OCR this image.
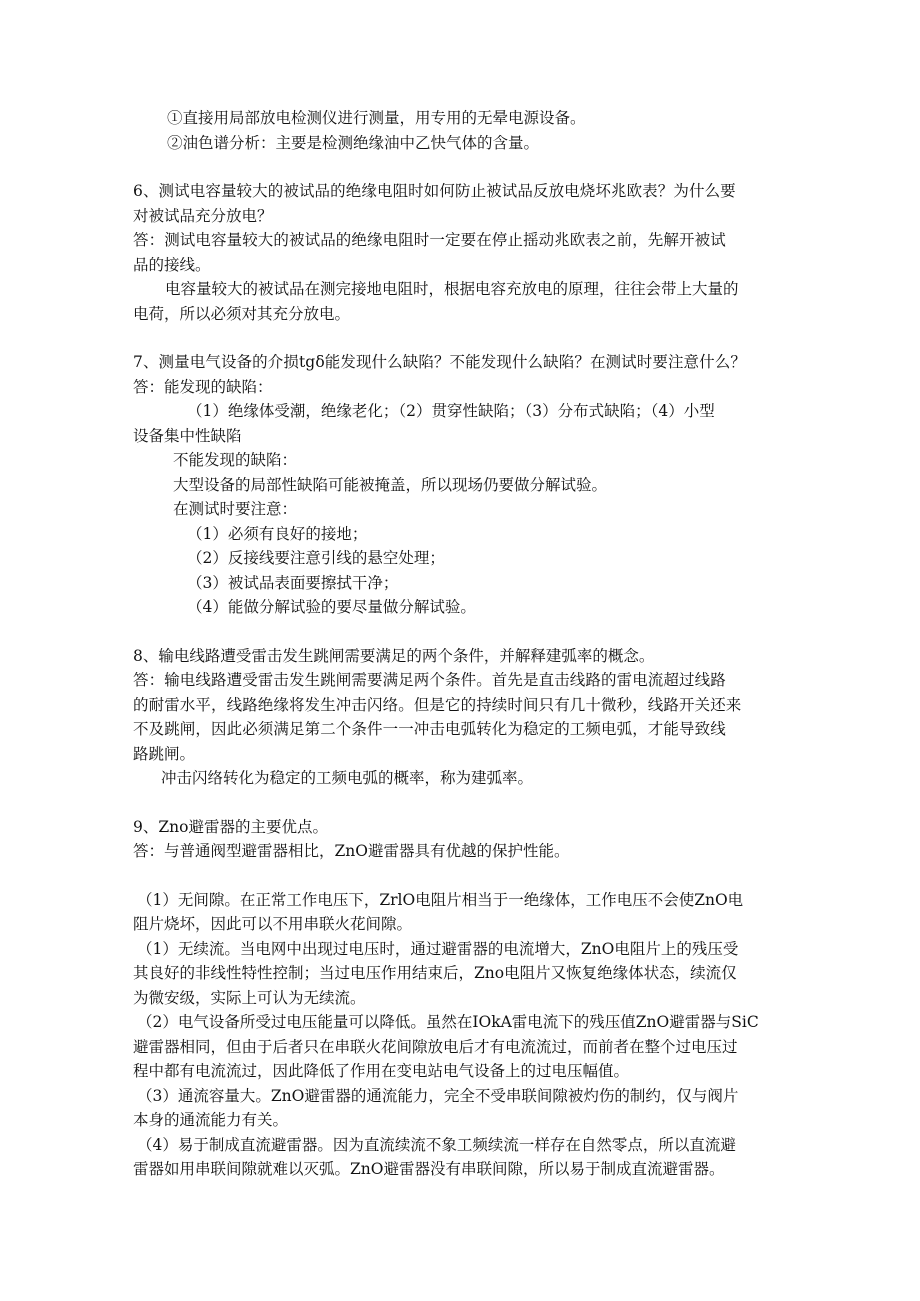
①直接用局部放电检测仪进行测量，用专用的无晕电源设备。
②油色谱分析：主要是检测绝缘油中乙快气体的含量。
6、测试电容量较大的被试品的绝缘电阻时如何防止被试品反放电烧坏兆欧表？为什么要
对被试品充分放电？
答：测试电容量较大的被试品的绝缘电阻时一定要在停止摇动兆欧表之前，先解开被试
品的接线。
电容量较大的被试品在测完接地电阻时，根据电容充放电的原理，往往会带上大量的
电荷，所以必须对其充分放电。
7、测量电气设备的介损tgδ能发现什么缺陷？不能发现什么缺陷？在测试时要注意什么？
答：能发现的缺陷：
（1）绝缘体受潮，绝缘老化；（2）贯穿性缺陷；（3）分布式缺陷；（4）小型
设备集中性缺陷
不能发现的缺陷：
大型设备的局部性缺陷可能被掩盖，所以现场仍要做分解试验。
在测试时要注意：
（1）必须有良好的接地；
（2）反接线要注意引线的悬空处理；
（3）被试品表面要擦拭干净；
（4）能做分解试验的要尽量做分解试验。
8、输电线路遭受雷击发生跳闸需要满足的两个条件，并解释建弧率的概念。
答：输电线路遭受雷击发生跳闸需要满足两个条件。首先是直击线路的雷电流超过线路
的耐雷水平，线路绝缘将发生冲击闪络。但是它的持续时间只有几十微秒，线路开关还来
不及跳闸，因此必须满足第二个条件一一冲击电弧转化为稳定的工频电弧，才能导致线
路跳闸。
冲击闪络转化为稳定的工频电弧的概率，称为建弧率。
9、Zno避雷器的主要优点。
答：与普通阀型避雷器相比，ZnO避雷器具有优越的保护性能。
（1）无间隙。在正常工作电压下，ZrlO电阻片相当于一绝缘体，工作电压不会使ZnO电
阻片烧坏，因此可以不用串联火花间隙。
（1）无续流。当电网中出现过电压时，通过避雷器的电流增大，ZnO电阻片上的残压受
其良好的非线性特性控制；当过电压作用结束后，Zno电阻片又恢复绝缘体状态，续流仅
为微安级，实际上可认为无续流。
（2）电气设备所受过电压能量可以降低。虽然在IOkA雷电流下的残压值ZnO避雷器与SiC
避雷器相同，但由于后者只在串联火花间隙放电后才有电流流过，而前者在整个过电压过
程中都有电流流过，因此降低了作用在变电站电气设备上的过电压幅值。
（3）通流容量大。ZnO避雷器的通流能力，完全不受串联间隙被灼伤的制约，仅与阀片
本身的通流能力有关。
（4）易于制成直流避雷器。因为直流续流不象工频续流一样存在自然零点，所以直流避
雷器如用串联间隙就难以灭弧。ZnO避雷器没有串联间隙，所以易于制成直流避雷器。
